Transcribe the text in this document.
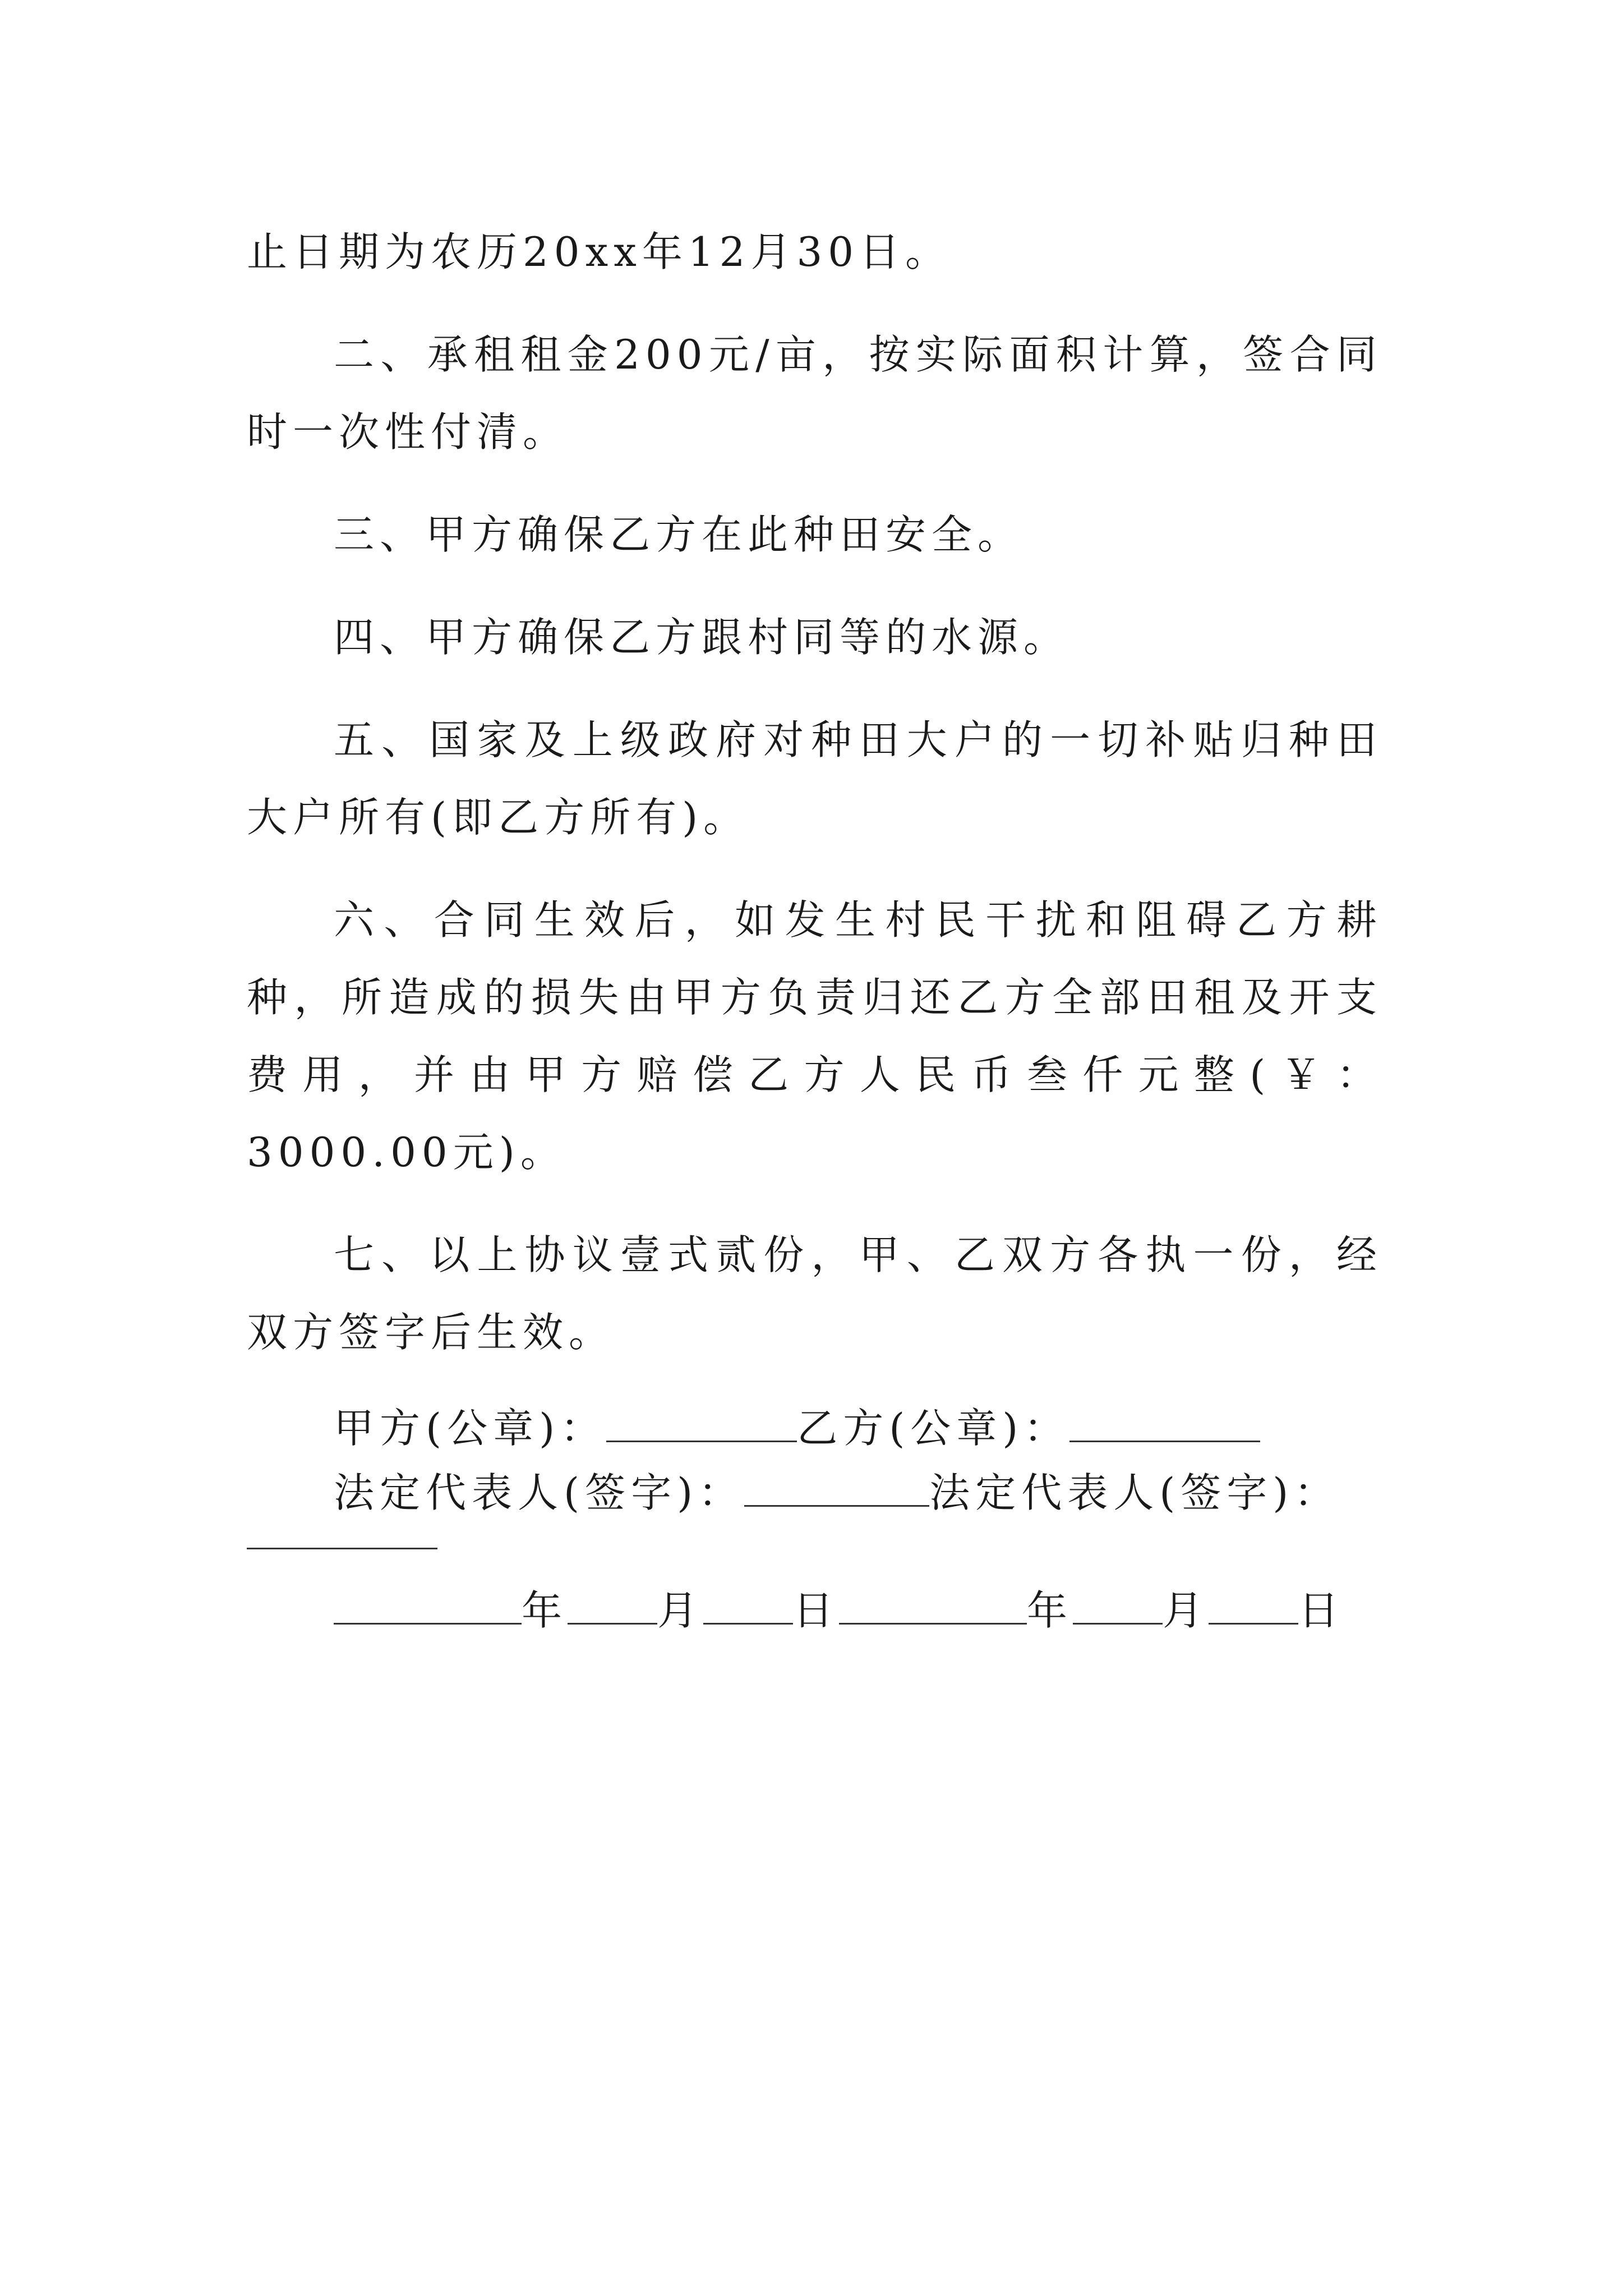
止日期为农历20xx年12月30日。

二、承租租金200元/亩，按实际面积计算，签合同时一次性付清。

三、甲方确保乙方在此种田安全。

四、甲方确保乙方跟村同等的水源。

五、国家及上级政府对种田大户的一切补贴归种田大户所有(即乙方所有)。

六、合同生效后，如发生村民干扰和阻碍乙方耕种，所造成的损失由甲方负责归还乙方全部田租及开支费用，并由甲方赔偿乙方人民币叁仟元整(￥：3000.00元)。

七、以上协议壹式贰份，甲、乙双方各执一份，经双方签字后生效。

甲方(公章)：	乙方(公章)：

法定代表人(签字)：	法定代表人(签字)：

年 月 日	年 月 日
